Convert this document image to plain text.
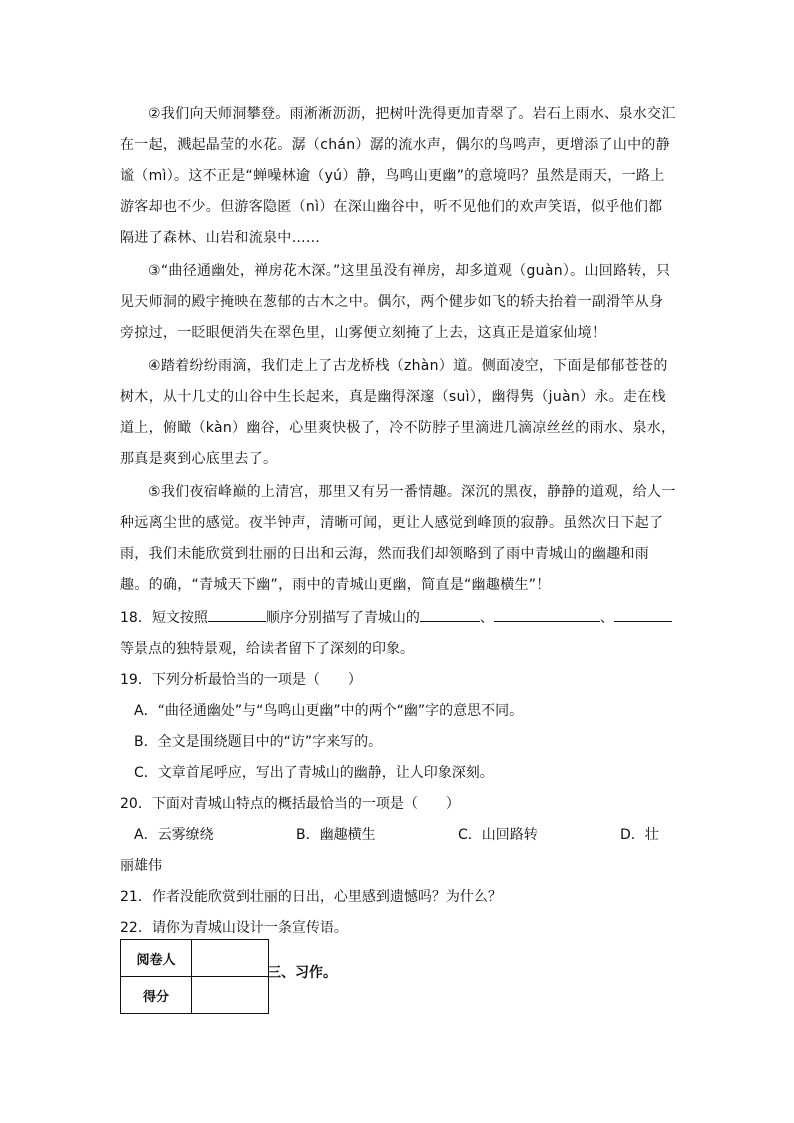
②我们向天师洞攀登。雨淅淅沥沥，把树叶洗得更加青翠了。岩石上雨水、泉水交汇在一起，溅起晶莹的水花。潺（chán）潺的流水声，偶尔的鸟鸣声，更增添了山中的静谧（mì）。这不正是“蝉噪林逾（yú）静，鸟鸣山更幽”的意境吗？虽然是雨天，一路上游客却也不少。但游客隐匿（nì）在深山幽谷中，听不见他们的欢声笑语，似乎他们都隔进了森林、山岩和流泉中……

③“曲径通幽处，禅房花木深。”这里虽没有禅房，却多道观（guàn）。山回路转，只见天师洞的殿宇掩映在葱郁的古木之中。偶尔，两个健步如飞的轿夫抬着一副滑竿从身旁掠过，一眨眼便消失在翠色里，山雾便立刻掩了上去，这真正是道家仙境！

④踏着纷纷雨滴，我们走上了古龙桥栈（zhàn）道。侧面凌空，下面是郁郁苍苍的树木，从十几丈的山谷中生长起来，真是幽得深邃（suì），幽得隽（juàn）永。走在栈道上，俯瞰（kàn）幽谷，心里爽快极了，冷不防脖子里滴进几滴凉丝丝的雨水、泉水，那真是爽到心底里去了。

⑤我们夜宿峰巅的上清宫，那里又有另一番情趣。深沉的黑夜，静静的道观，给人一种远离尘世的感觉。夜半钟声，清晰可闻，更让人感觉到峰顶的寂静。虽然次日下起了雨，我们未能欣赏到壮丽的日出和云海，然而我们却领略到了雨中青城山的幽趣和雨趣。的确，“青城天下幽”，雨中的青城山更幽，简直是“幽趣横生”！

18．短文按照	顺序分别描写了青城山的	、	、
等景点的独特景观，给读者留下了深刻的印象。

19．下列分析最恰当的一项是（　　）

A．“曲径通幽处”与“鸟鸣山更幽”中的两个“幽”字的意思不同。

B．全文是围绕题目中的“访”字来写的。

C．文章首尾呼应，写出了青城山的幽静，让人印象深刻。

20．下面对青城山特点的概括最恰当的一项是（　　）

A．云雾缭绕	B．幽趣横生	C．山回路转	D．壮

丽雄伟

21．作者没能欣赏到壮丽的日出，心里感到遗憾吗？为什么？

22．请你为青城山设计一条宣传语。

阅卷人	
得分	
三、习作。
